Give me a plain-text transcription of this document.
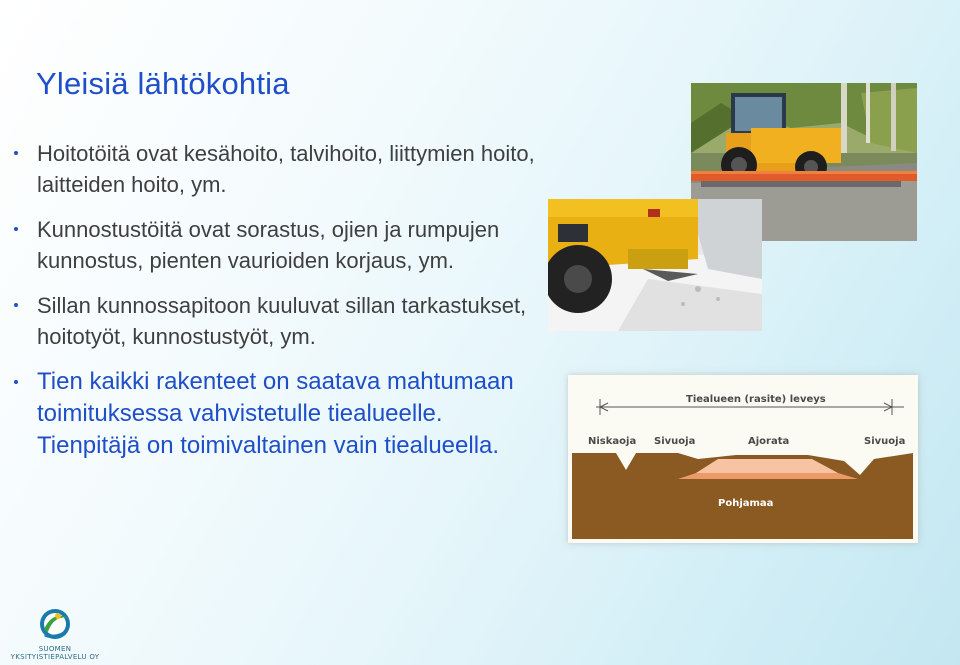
Yleisiä lähtökohtia
Hoitotöitä ovat kesähoito, talvihoito, liittymien hoito, laitteiden hoito, ym.
Kunnostustöitä ovat sorastus, ojien ja rumpujen kunnostus, pienten vaurioiden korjaus, ym.
Sillan kunnossapitoon kuuluvat sillan tarkastukset, hoitotyöt, kunnostustyöt, ym.
Tien kaikki rakenteet on saatava mahtumaan toimituksessa vahvistetulle tiealueelle. Tienpitäjä on toimivaltainen vain tiealueella.
Tiealueen (rasite) leveys
Niskaoja Sivuoja	Ajorata	Sivuoja
Pohjamaa
SUOMEN
YKSITYISTIEPALVELU OY
